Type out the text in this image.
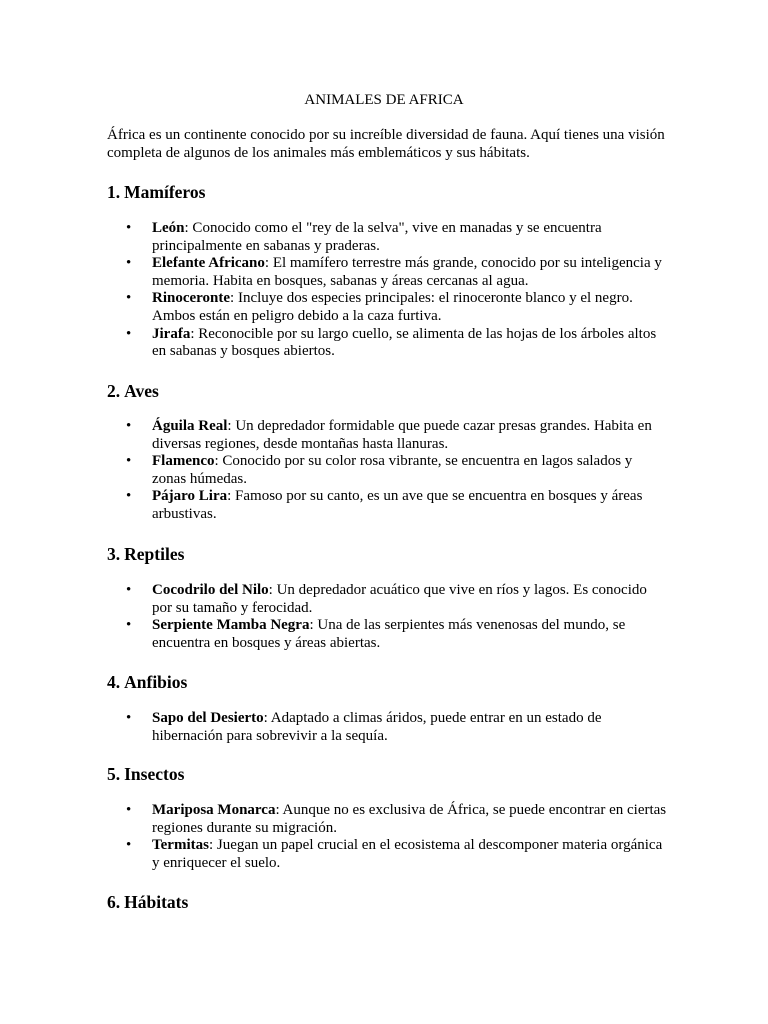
ANIMALES DE AFRICA
África es un continente conocido por su increíble diversidad de fauna. Aquí tienes una visión completa de algunos de los animales más emblemáticos y sus hábitats.
1. Mamíferos
• León: Conocido como el "rey de la selva", vive en manadas y se encuentra principalmente en sabanas y praderas.
• Elefante Africano: El mamífero terrestre más grande, conocido por su inteligencia y memoria. Habita en bosques, sabanas y áreas cercanas al agua.
• Rinoceronte: Incluye dos especies principales: el rinoceronte blanco y el negro. Ambos están en peligro debido a la caza furtiva.
• Jirafa: Reconocible por su largo cuello, se alimenta de las hojas de los árboles altos en sabanas y bosques abiertos.
2. Aves
• Águila Real: Un depredador formidable que puede cazar presas grandes. Habita en diversas regiones, desde montañas hasta llanuras.
• Flamenco: Conocido por su color rosa vibrante, se encuentra en lagos salados y zonas húmedas.
• Pájaro Lira: Famoso por su canto, es un ave que se encuentra en bosques y áreas arbustivas.
3. Reptiles
• Cocodrilo del Nilo: Un depredador acuático que vive en ríos y lagos. Es conocido por su tamaño y ferocidad.
• Serpiente Mamba Negra: Una de las serpientes más venenosas del mundo, se encuentra en bosques y áreas abiertas.
4. Anfibios
• Sapo del Desierto: Adaptado a climas áridos, puede entrar en un estado de hibernación para sobrevivir a la sequía.
5. Insectos
• Mariposa Monarca: Aunque no es exclusiva de África, se puede encontrar en ciertas regiones durante su migración.
• Termitas: Juegan un papel crucial en el ecosistema al descomponer materia orgánica y enriquecer el suelo.
6. Hábitats
